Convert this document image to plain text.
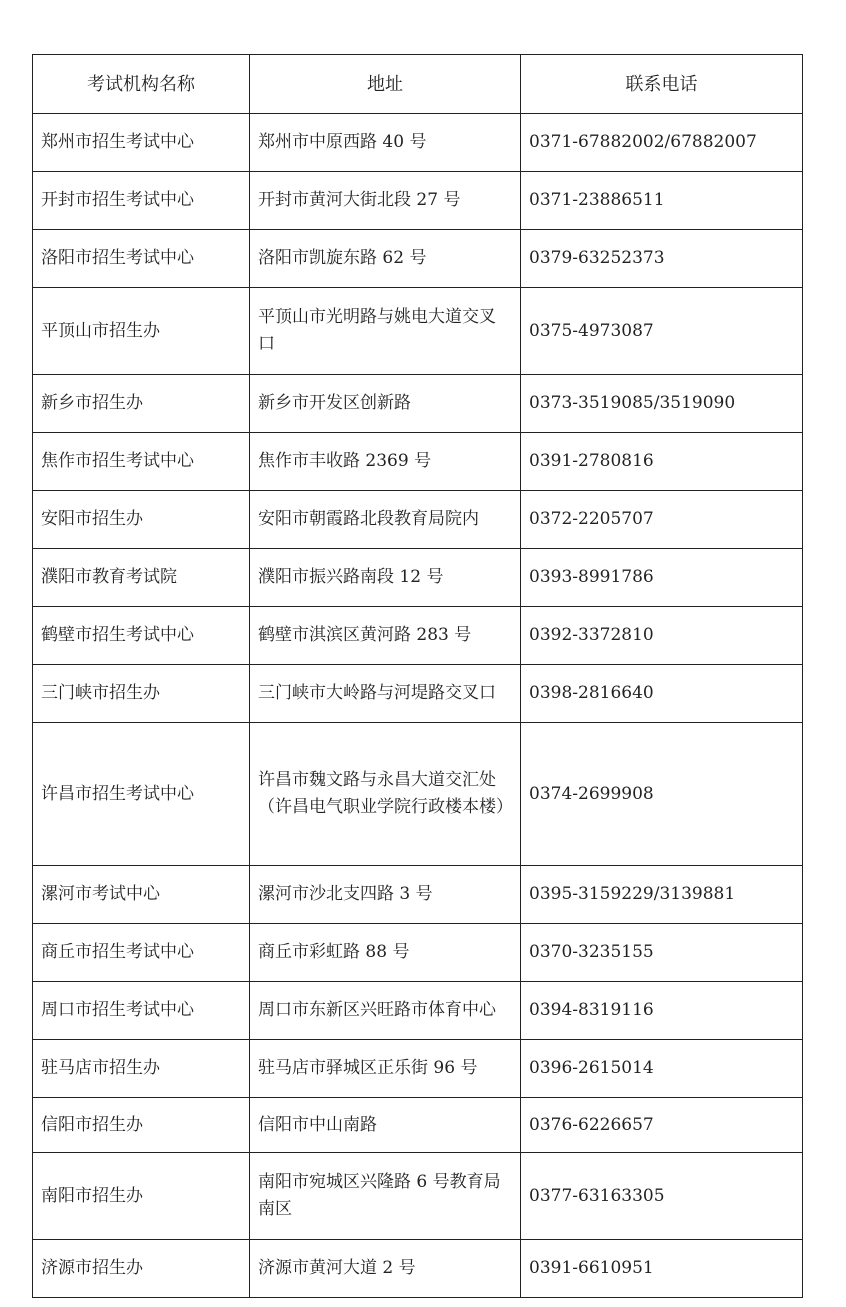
考试机构名称	地址	联系电话
郑州市招生考试中心	郑州市中原西路 40 号	0371-67882002/67882007
开封市招生考试中心	开封市黄河大街北段 27 号	0371-23886511
洛阳市招生考试中心	洛阳市凯旋东路 62 号	0379-63252373
平顶山市招生办	平顶山市光明路与姚电大道交叉口	0375-4973087
新乡市招生办	新乡市开发区创新路	0373-3519085/3519090
焦作市招生考试中心	焦作市丰收路 2369 号	0391-2780816
安阳市招生办	安阳市朝霞路北段教育局院内	0372-2205707
濮阳市教育考试院	濮阳市振兴路南段 12 号	0393-8991786
鹤壁市招生考试中心	鹤壁市淇滨区黄河路 283 号	0392-3372810
三门峡市招生办	三门峡市大岭路与河堤路交叉口	0398-2816640
许昌市招生考试中心	许昌市魏文路与永昌大道交汇处（许昌电气职业学院行政楼本楼）	0374-2699908
漯河市考试中心	漯河市沙北支四路 3 号	0395-3159229/3139881
商丘市招生考试中心	商丘市彩虹路 88 号	0370-3235155
周口市招生考试中心	周口市东新区兴旺路市体育中心	0394-8319116
驻马店市招生办	驻马店市驿城区正乐街 96 号	0396-2615014
信阳市招生办	信阳市中山南路	0376-6226657
南阳市招生办	南阳市宛城区兴隆路 6 号教育局南区	0377-63163305
济源市招生办	济源市黄河大道 2 号	0391-6610951
